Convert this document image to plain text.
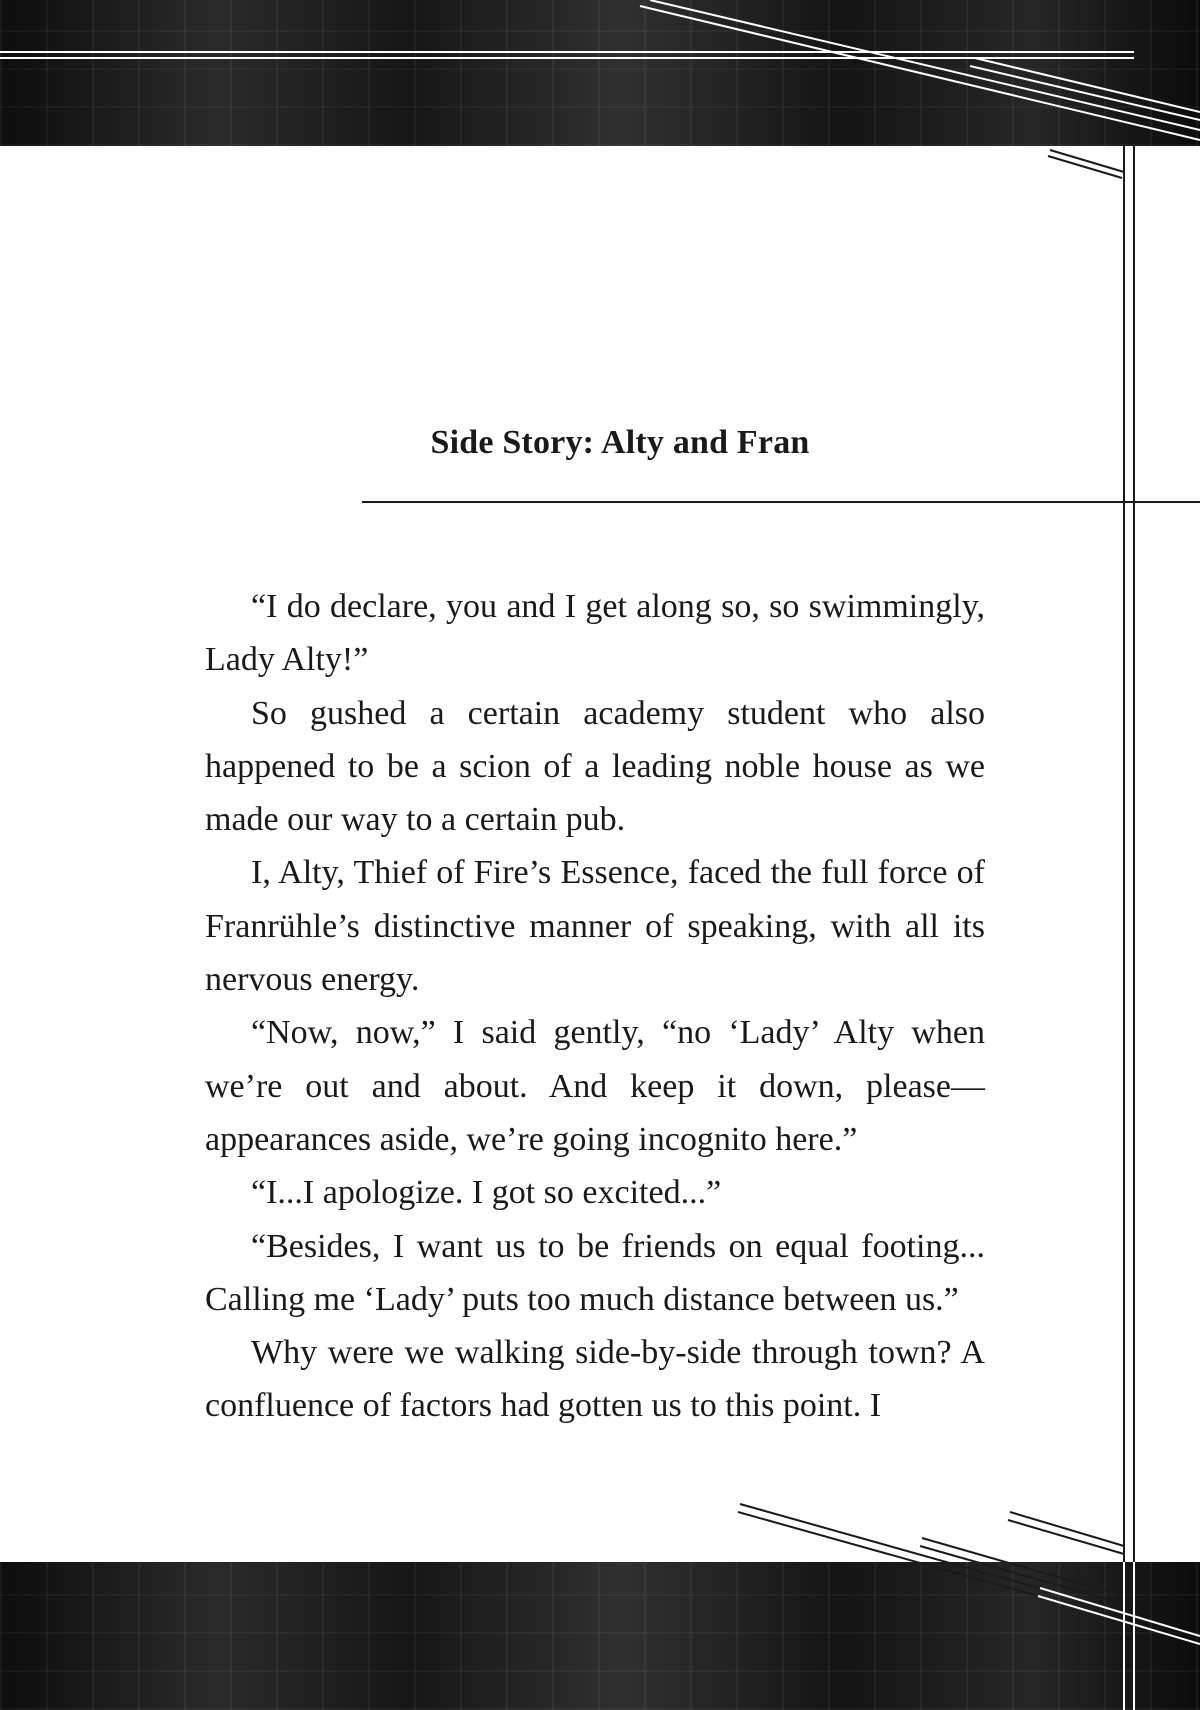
Side Story: Alty and Fran

“I do declare, you and I get along so, so swimmingly, Lady Alty!”

So gushed a certain academy student who also happened to be a scion of a leading noble house as we made our way to a certain pub.

I, Alty, Thief of Fire’s Essence, faced the full force of Franrühle’s distinctive manner of speaking, with all its nervous energy.

“Now, now,” I said gently, “no ‘Lady’ Alty when we’re out and about. And keep it down, please—appearances aside, we’re going incognito here.”

“I...I apologize. I got so excited...”

“Besides, I want us to be friends on equal footing... Calling me ‘Lady’ puts too much distance between us.”

Why were we walking side-by-side through town? A confluence of factors had gotten us to this point. I
